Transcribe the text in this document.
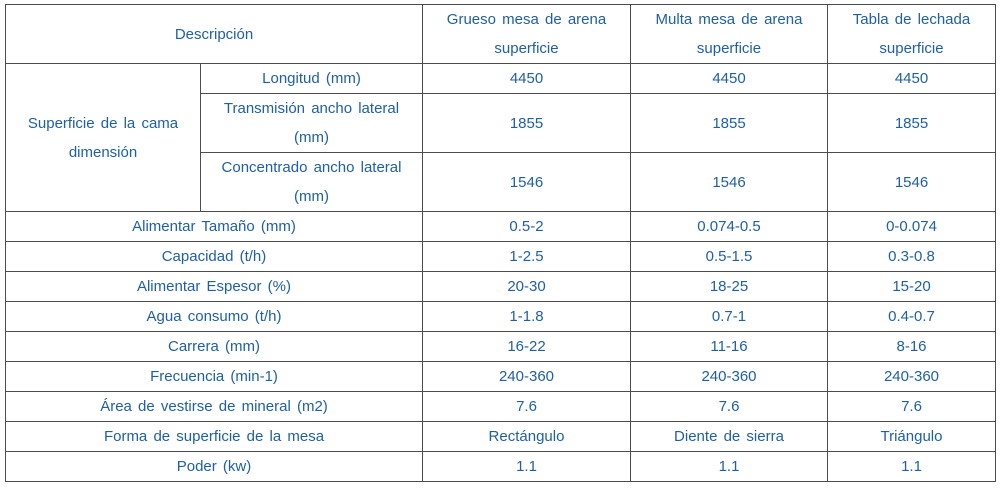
Descripción		Grueso mesa de arena superficie	Multa mesa de arena superficie	Tabla de lechada superficie
Superficie de la cama dimensión	Longitud (mm)	4450	4450	4450
	Transmisión ancho lateral (mm)	1855	1855	1855
	Concentrado ancho lateral (mm)	1546	1546	1546
Alimentar Tamaño (mm)		0.5-2	0.074-0.5	0-0.074
Capacidad (t/h)		1-2.5	0.5-1.5	0.3-0.8
Alimentar Espesor (%)		20-30	18-25	15-20
Agua consumo (t/h)		1-1.8	0.7-1	0.4-0.7
Carrera (mm)		16-22	11-16	8-16
Frecuencia (min-1)		240-360	240-360	240-360
Área de vestirse de mineral (m2)		7.6	7.6	7.6
Forma de superficie de la mesa		Rectángulo	Diente de sierra	Triángulo
Poder (kw)		1.1	1.1	1.1
